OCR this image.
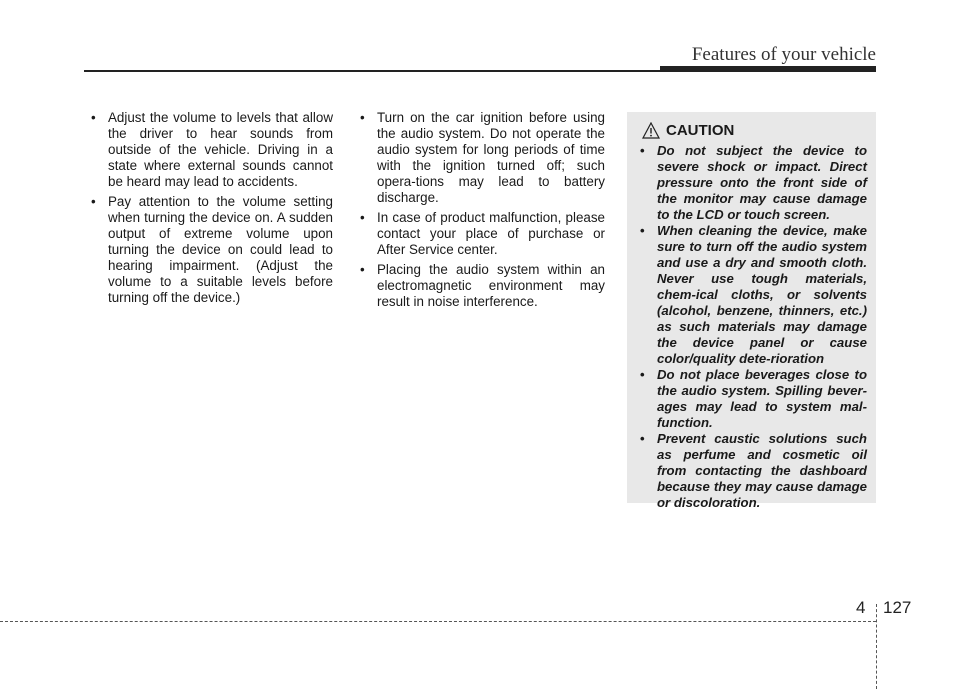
Features of your vehicle
• Adjust the volume to levels that allow the driver to hear sounds from outside of the vehicle. Driving in a state where external sounds cannot be heard may lead to accidents.
• Pay attention to the volume setting when turning the device on. A sudden output of extreme volume upon turning the device on could lead to hearing impairment. (Adjust the volume to a suitable levels before turning off the device.)
• Turn on the car ignition before using the audio system. Do not operate the audio system for long periods of time with the ignition turned off; such opera-tions may lead to battery discharge.
• In case of product malfunction, please contact your place of purchase or After Service center.
• Placing the audio system within an electromagnetic environment may result in noise interference.
CAUTION
• Do not subject the device to severe shock or impact. Direct pressure onto the front side of the monitor may cause damage to the LCD or touch screen.
• When cleaning the device, make sure to turn off the audio system and use a dry and smooth cloth. Never use tough materials, chem-ical cloths, or solvents (alcohol, benzene, thinners, etc.) as such materials may damage the device panel or cause color/quality dete-rioration
• Do not place beverages close to the audio system. Spilling bever-ages may lead to system mal-function.
• Prevent caustic solutions such as perfume and cosmetic oil from contacting the dashboard because they may cause damage or discoloration.
4 127
